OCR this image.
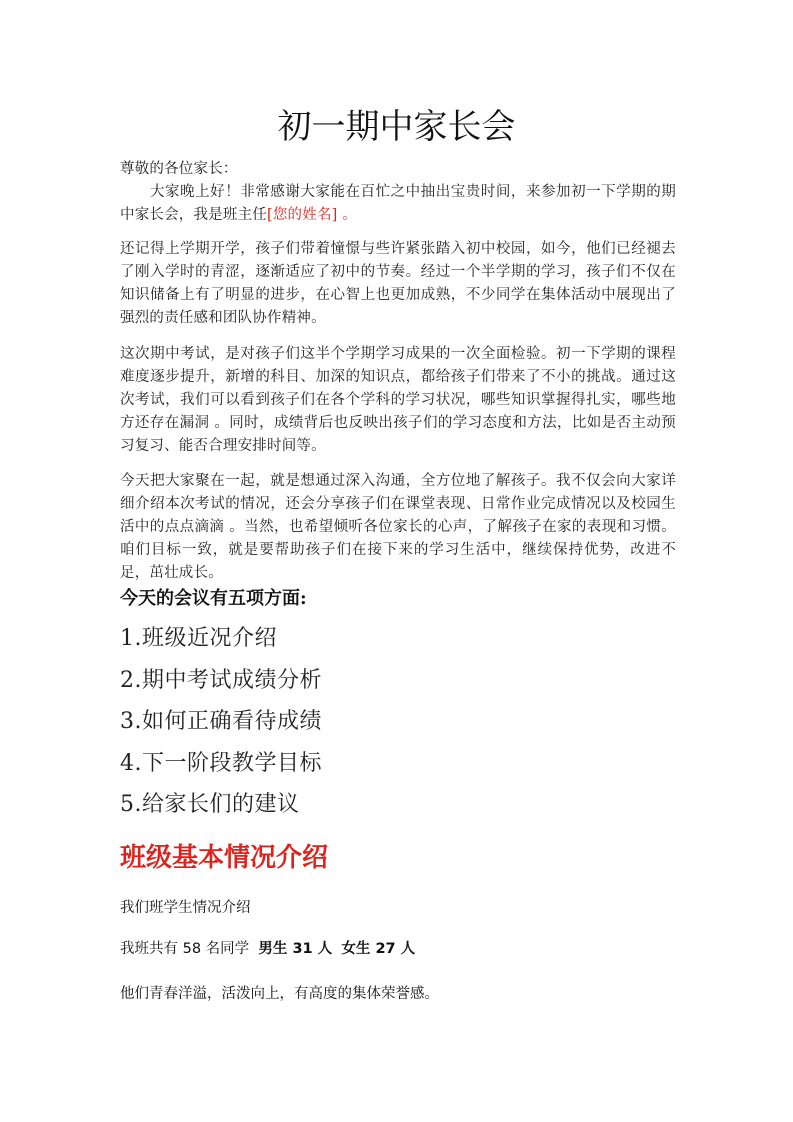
初一期中家长会

尊敬的各位家长：

大家晚上好！非常感谢大家能在百忙之中抽出宝贵时间，来参加初一下学期的期中家长会，我是班主任[您的姓名] 。

还记得上学期开学，孩子们带着憧憬与些许紧张踏入初中校园，如今，他们已经褪去了刚入学时的青涩，逐渐适应了初中的节奏。经过一个半学期的学习，孩子们不仅在知识储备上有了明显的进步，在心智上也更加成熟，不少同学在集体活动中展现出了强烈的责任感和团队协作精神。

这次期中考试，是对孩子们这半个学期学习成果的一次全面检验。初一下学期的课程难度逐步提升，新增的科目、加深的知识点，都给孩子们带来了不小的挑战。通过这次考试，我们可以看到孩子们在各个学科的学习状况，哪些知识掌握得扎实，哪些地方还存在漏洞 。同时，成绩背后也反映出孩子们的学习态度和方法，比如是否主动预习复习、能否合理安排时间等。

今天把大家聚在一起，就是想通过深入沟通，全方位地了解孩子。我不仅会向大家详细介绍本次考试的情况，还会分享孩子们在课堂表现、日常作业完成情况以及校园生活中的点点滴滴 。当然，也希望倾听各位家长的心声，了解孩子在家的表现和习惯。咱们目标一致，就是要帮助孩子们在接下来的学习生活中，继续保持优势，改进不足，茁壮成长。

今天的会议有五项方面:
1.班级近况介绍
2.期中考试成绩分析
3.如何正确看待成绩
4.下一阶段教学目标
5.给家长们的建议
班级基本情况介绍
我们班学生情况介绍
我班共有 58 名同学 男生 31 人 女生 27 人
他们青春洋溢，活泼向上，有高度的集体荣誉感。
